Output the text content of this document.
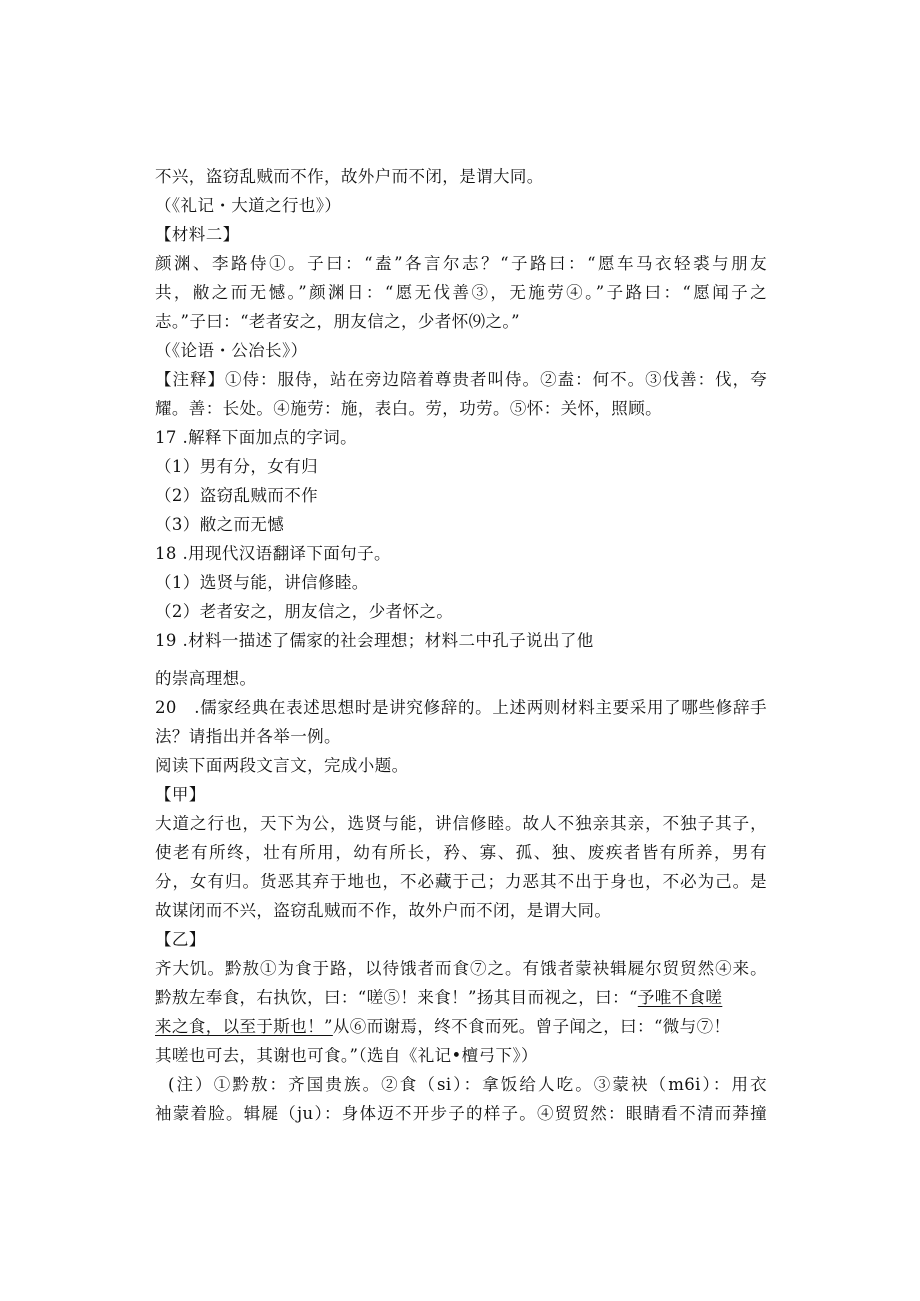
不兴，盗窃乱贼而不作，故外户而不闭，是谓大同。
（《礼记・大道之行也》）
【材料二】
颜渊、李路侍①。子曰：“盍”各言尔志？“子路曰：“愿车马衣轻裘与朋友
共，敝之而无憾。”颜渊日：“愿无伐善③，无施劳④。”子路曰：“愿闻子之
志。”子曰：“老者安之，朋友信之，少者怀⑼之。”
（《论语・公冶长》）
【注释】①侍：服侍，站在旁边陪着尊贵者叫侍。②盍：何不。③伐善：伐，夸
耀。善：长处。④施劳：施，表白。劳，功劳。⑤怀：关怀，照顾。
17 .解释下面加点的字词。
（1）男有分，女有归
（2）盗窃乱贼而不作
（3）敝之而无憾
18 .用现代汉语翻译下面句子。
（1）选贤与能，讲信修睦。
（2）老者安之，朋友信之，少者怀之。
19 .材料一描述了儒家的社会理想；材料二中孔子说出了他
的崇高理想。
20　.儒家经典在表述思想时是讲究修辞的。上述两则材料主要采用了哪些修辞手
法？请指出并各举一例。
阅读下面两段文言文，完成小题。
【甲】
大道之行也，天下为公，选贤与能，讲信修睦。故人不独亲其亲，不独子其子，
使老有所终，壮有所用，幼有所长，矜、寡、孤、独、废疾者皆有所养，男有
分，女有归。货恶其弃于地也，不必藏于己；力恶其不出于身也，不必为己。是
故谋闭而不兴，盗窃乱贼而不作，故外户而不闭，是谓大同。
【乙】
齐大饥。黔敖①为食于路，以待饿者而食⑦之。有饿者蒙袂辑屣尔贸贸然④来。
黔敖左奉食，右执饮，曰：“嗟⑤！来食！”扬其目而视之，曰：“予唯不食嗟
来之食，以至于斯也！”从⑥而谢焉，终不食而死。曾子闻之，曰：“微与⑦！
其嗟也可去，其谢也可食。”（选自《礼记•檀弓下》）
(注）①黔敖：齐国贵族。②食（si）：拿饭给人吃。③蒙袂（m6i）：用衣
袖蒙着脸。辑屣（ju）：身体迈不开步子的样子。④贸贸然：眼睛看不清而莽撞
